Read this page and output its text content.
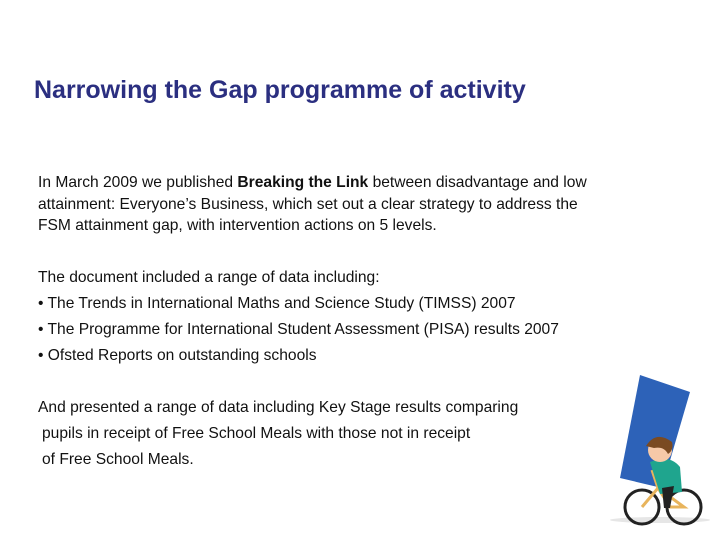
Narrowing the Gap programme of activity
In March 2009 we published Breaking the Link between disadvantage and low
attainment: Everyone’s Business, which set out a clear strategy to address the
FSM attainment gap, with intervention actions on 5 levels.
The document included a range of data including:
• The Trends in International Maths and Science Study (TIMSS) 2007
• The Programme for International Student Assessment (PISA) results 2007
• Ofsted Reports on outstanding schools
And presented a range of data including Key Stage results comparing
pupils in receipt of Free School Meals with those not in receipt
of Free School Meals.
